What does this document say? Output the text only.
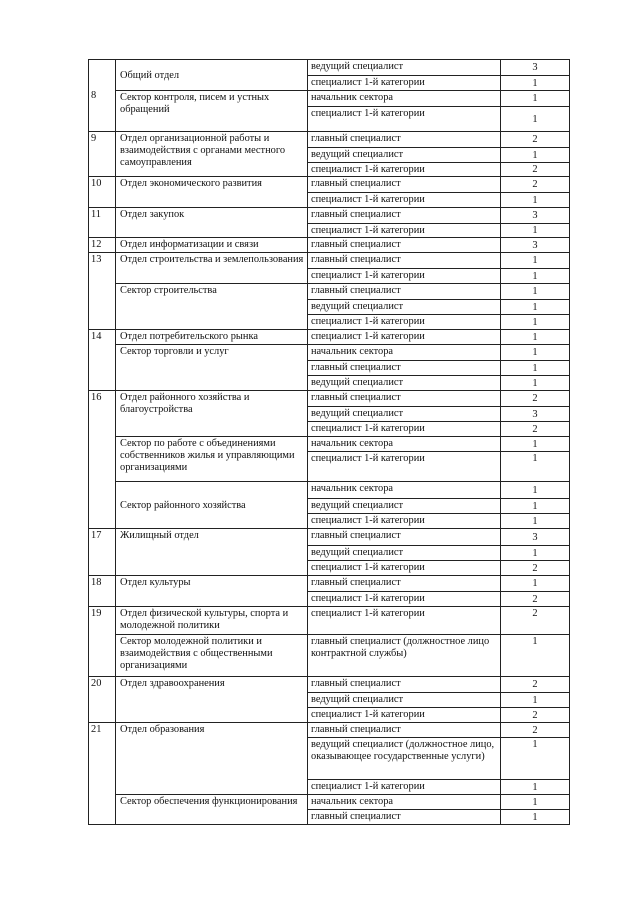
8	Общий отдел	ведущий специалист	3
		специалист 1-й категории	1
	Сектор контроля, писем и устных обращений	начальник сектора	1
		специалист 1-й категории	1
9	Отдел организационной работы и взаимодействия с органами местного самоуправления	главный специалист	2
		ведущий специалист	1
		специалист 1-й категории	2
10	Отдел экономического развития	главный специалист	2
		специалист 1-й категории	1
11	Отдел закупок	главный специалист	3
		специалист 1-й категории	1
12	Отдел информатизации и связи	главный специалист	3
13	Отдел строительства и землепользования	главный специалист	1
		специалист 1-й категории	1
	Сектор строительства	главный специалист	1
		ведущий специалист	1
		специалист 1-й категории	1
14	Отдел потребительского рынка	специалист 1-й категории	1
	Сектор торговли и услуг	начальник сектора	1
		главный специалист	1
		ведущий специалист	1
16	Отдел районного хозяйства и благоустройства	главный специалист	2
		ведущий специалист	3
		специалист 1-й категории	2
	Сектор по работе с объединениями собственников жилья и управляющими организациями	начальник сектора	1
		специалист 1-й категории	1
	Сектор районного хозяйства	начальник сектора	1
		ведущий специалист	1
		специалист 1-й категории	1
17	Жилищный отдел	главный специалист	3
		ведущий специалист	1
		специалист 1-й категории	2
18	Отдел культуры	главный специалист	1
		специалист 1-й категории	2
19	Отдел физической культуры, спорта и молодежной политики	специалист 1-й категории	2
	Сектор молодежной политики и взаимодействия с общественными организациями	главный специалист (должностное лицо контрактной службы)	1
20	Отдел здравоохранения	главный специалист	2
		ведущий специалист	1
		специалист 1-й категории	2
21	Отдел образования	главный специалист	2
		ведущий специалист (должностное лицо, оказывающее государственные услуги)	1
		специалист 1-й категории	1
	Сектор обеспечения функционирования	начальник сектора	1
		главный специалист	1
